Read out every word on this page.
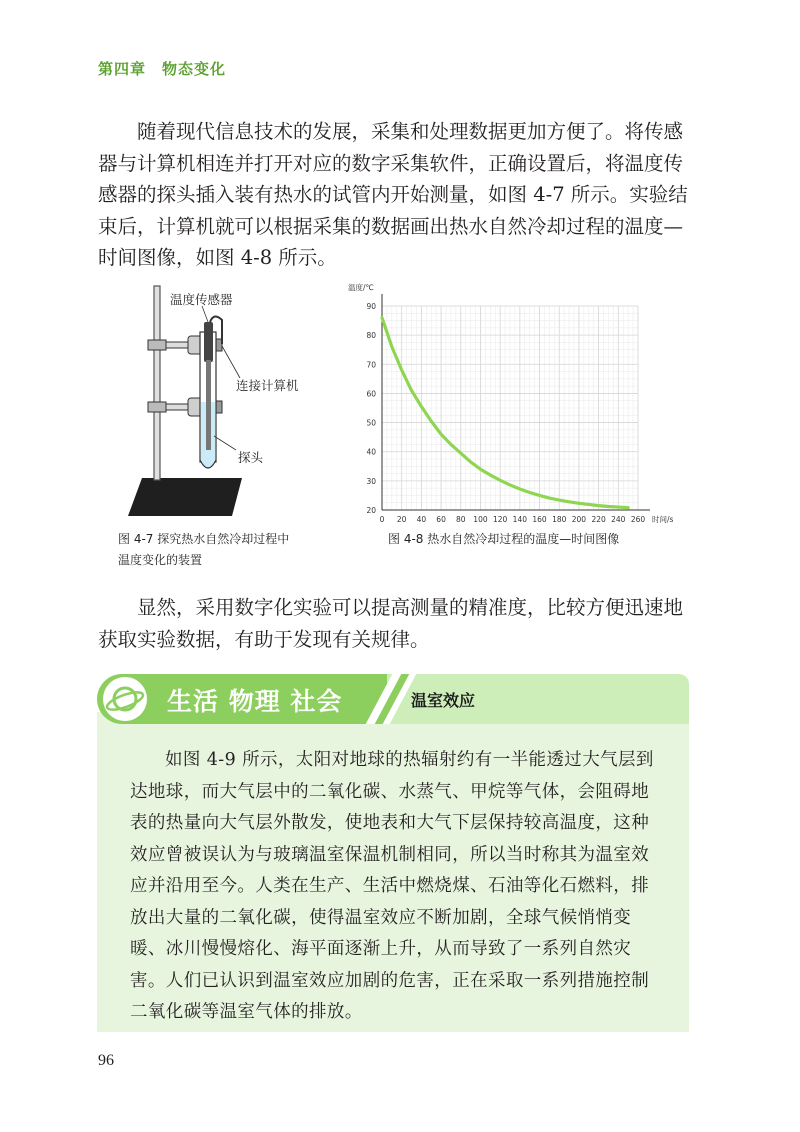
第四章　物态变化

随着现代信息技术的发展，采集和处理数据更加方便了。将传感器与计算机相连并打开对应的数字采集软件，正确设置后，将温度传感器的探头插入装有热水的试管内开始测量，如图 4-7 所示。实验结束后，计算机就可以根据采集的数据画出热水自然冷却过程的温度—时间图像，如图 4-8 所示。

温度传感器
连接计算机
探头
0 20 40 60 80 100 120 140 160 180 200 220 240 260
20
30
40
50
60
70
80
90
时间/s
温度/℃
图 4-7 探究热水自然冷却过程中
温度变化的装置
图 4-8 热水自然冷却过程的温度—时间图像

显然，采用数字化实验可以提高测量的精准度，比较方便迅速地获取实验数据，有助于发现有关规律。

生活 物理 社会	温室效应

如图 4-9 所示，太阳对地球的热辐射约有一半能透过大气层到达地球，而大气层中的二氧化碳、水蒸气、甲烷等气体，会阻碍地表的热量向大气层外散发，使地表和大气下层保持较高温度，这种效应曾被误认为与玻璃温室保温机制相同，所以当时称其为温室效应并沿用至今。人类在生产、生活中燃烧煤、石油等化石燃料，排放出大量的二氧化碳，使得温室效应不断加剧，全球气候悄悄变暖、冰川慢慢熔化、海平面逐渐上升，从而导致了一系列自然灾害。人们已认识到温室效应加剧的危害，正在采取一系列措施控制二氧化碳等温室气体的排放。

96
